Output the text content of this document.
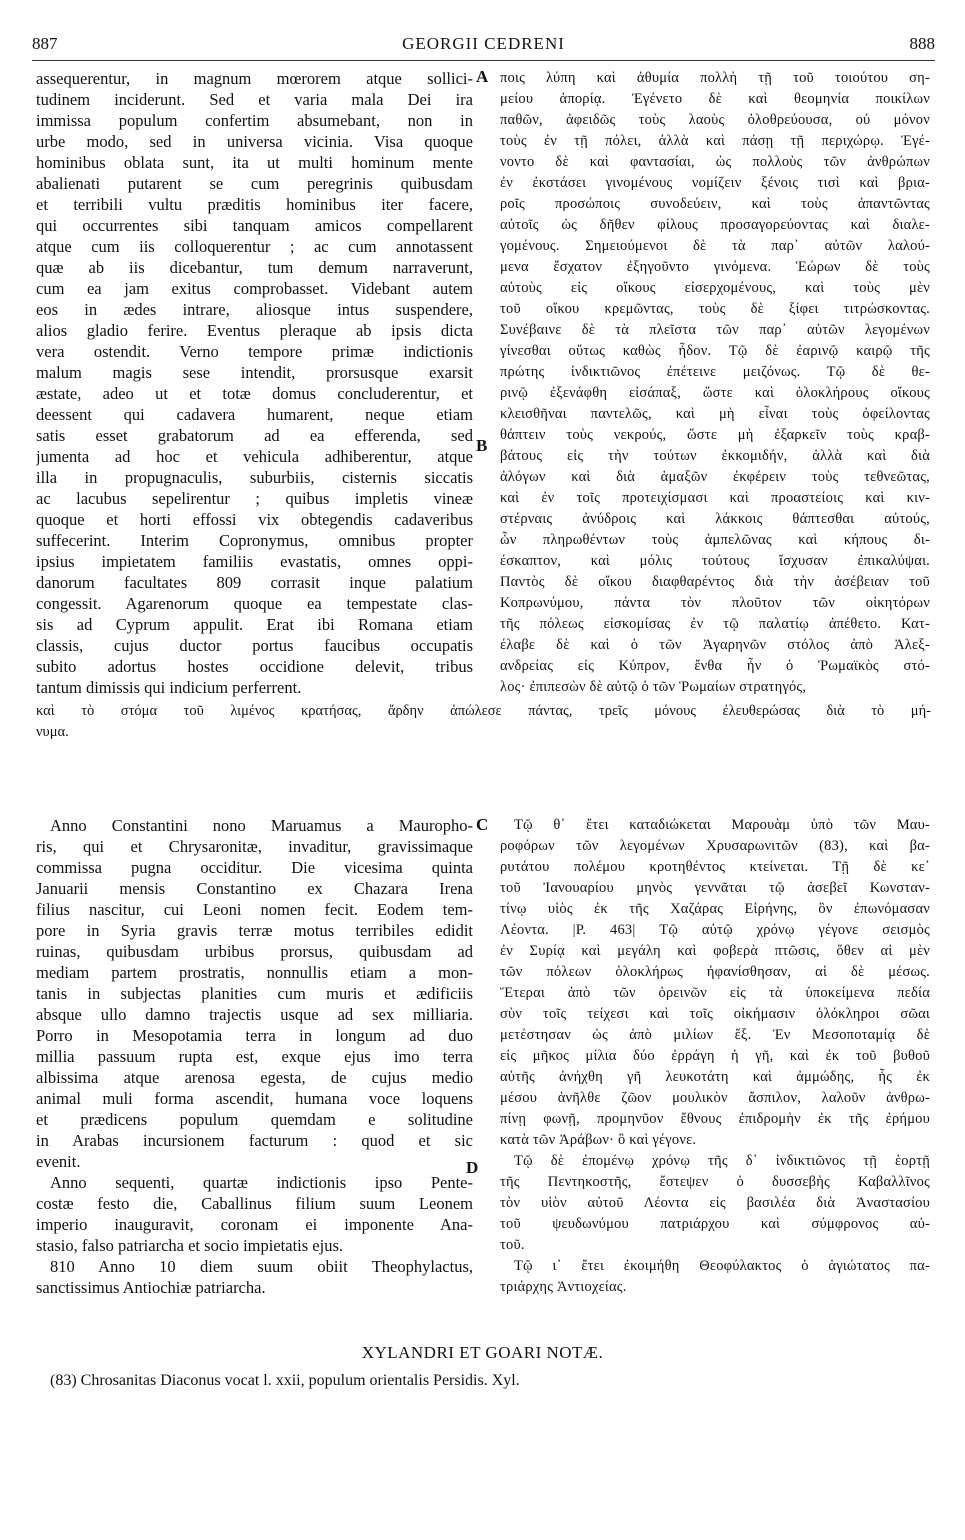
887	GEORGII CEDRENI	888
A
B
C
D
assequerentur, in magnum mœrorem atque sollici-
tudinem inciderunt. Sed et varia mala Dei ira
immissa populum confertim absumebant, non in
urbe modo, sed in universa vicinia. Visa quoque
hominibus oblata sunt, ita ut multi hominum mente
abalienati putarent se cum peregrinis quibusdam
et terribili vultu præditis hominibus iter facere,
qui occurrentes sibi tanquam amicos compellarent
atque cum iis colloquerentur ; ac cum annotassent
quæ ab iis dicebantur, tum demum narraverunt,
cum ea jam exitus comprobasset. Videbant autem
eos in ædes intrare, aliosque intus suspendere,
alios gladio ferire. Eventus pleraque ab ipsis dicta
vera ostendit. Verno tempore primæ indictionis
malum magis sese intendit, prorsusque exarsit
æstate, adeo ut et totæ domus concluderentur, et
deessent qui cadavera humarent, neque etiam
satis esset grabatorum ad ea efferenda, sed
jumenta ad hoc et vehicula adhiberentur, atque
illa in propugnaculis, suburbiis, cisternis siccatis
ac lacubus sepelirentur ; quibus impletis vineæ
quoque et horti effossi vix obtegendis cadaveribus
suffecerint. Interim Copronymus, omnibus propter
ipsius impietatem familiis evastatis, omnes oppi-
danorum facultates 809 corrasit inque palatium
congessit. Agarenorum quoque ea tempestate clas-
sis ad Cyprum appulit. Erat ibi Romana etiam
classis, cujus ductor portus faucibus occupatis
subito adortus hostes occidione delevit, tribus
tantum dimissis qui indicium perferrent.
ποις λύπη καὶ ἀθυμία πολλὴ τῇ τοῦ τοιούτου ση-
μείου ἀπορίᾳ. Ἐγένετο δὲ καὶ θεομηνία ποικίλων
παθῶν, ἀφειδῶς τοὺς λαοὺς ὀλοθρεύουσα, οὐ μόνον
τοὺς ἐν τῇ πόλει, ἀλλὰ καὶ πάσῃ τῇ περιχώρῳ. Ἐγέ-
νοντο δὲ καὶ φαντασίαι, ὡς πολλοὺς τῶν ἀνθρώπων
ἐν ἐκστάσει γινομένους νομίζειν ξένοις τισὶ καὶ βρια-
ροῖς προσώποις συνοδεύειν, καὶ τοὺς ἀπαντῶντας
αὐτοῖς ὡς δῆθεν φίλους προσαγορεύοντας καὶ διαλε-
γομένους. Σημειούμενοι δὲ τὰ παρ᾽ αὐτῶν λαλού-
μενα ἔσχατον ἐξηγοῦντο γινόμενα. Ἑώρων δὲ τοὺς
αὐτοὺς εἰς οἴκους εἰσερχομένους, καὶ τοὺς μὲν
τοῦ οἴκου κρεμῶντας, τοὺς δὲ ξίφει τιτρώσκοντας.
Συνέβαινε δὲ τὰ πλεῖστα τῶν παρ᾽ αὐτῶν λεγομένων
γίνεσθαι οὕτως καθὼς ἦδον. Τῷ δὲ ἐαρινῷ καιρῷ τῆς
πρώτης ἰνδικτιῶνος ἐπέτεινε μειζόνως. Τῷ δὲ θε-
ρινῷ ἐξενάφθη εἰσάπαξ, ὥστε καὶ ὁλοκλήρους οἴκους
κλεισθῆναι παντελῶς, καὶ μὴ εἶναι τοὺς ὀφείλοντας
θάπτειν τοὺς νεκρούς, ὥστε μὴ ἐξαρκεῖν τοὺς κραβ-
βάτους εἰς τὴν τούτων ἐκκομιδήν, ἀλλὰ καὶ διὰ
ἀλόγων καὶ διὰ ἁμαξῶν ἐκφέρειν τοὺς τεθνεῶτας,
καὶ ἐν τοῖς προτειχίσμασι καὶ προαστείοις καὶ κιν-
στέρναις ἀνύδροις καὶ λάκκοις θάπτεσθαι αὐτούς,
ὧν πληρωθέντων τοὺς ἀμπελῶνας καὶ κήπους δι-
έσκαπτον, καὶ μόλις τούτους ἴσχυσαν ἐπικαλύψαι.
Παντὸς δὲ οἴκου διαφθαρέντος διὰ τὴν ἀσέβειαν τοῦ
Κοπρωνύμου, πάντα τὸν πλοῦτον τῶν οἰκητόρων
τῆς πόλεως εἰσκομίσας ἐν τῷ παλατίῳ ἀπέθετο. Κατ-
έλαβε δὲ καὶ ὁ τῶν Ἀγαρηνῶν στόλος ἀπὸ Ἀλεξ-
ανδρείας εἰς Κύπρον, ἔνθα ἦν ὁ Ῥωμαϊκὸς στό-
λος· ἐπιπεσὼν δὲ αὐτῷ ὁ τῶν Ῥωμαίων στρατηγός,
καὶ τὸ στόμα τοῦ λιμένος κρατήσας, ἄρδην ἀπώλεσε πάντας, τρεῖς μόνους ἐλευθερώσας διὰ τὸ μή-
νυμα.
Anno Constantini nono Maruamus a Mauropho-
ris, qui et Chrysaronitæ, invaditur, gravissimaque
commissa pugna occiditur. Die vicesima quinta
Januarii mensis Constantino ex Chazara Irena
filius nascitur, cui Leoni nomen fecit. Eodem tem-
pore in Syria gravis terræ motus terribiles edidit
ruinas, quibusdam urbibus prorsus, quibusdam ad
mediam partem prostratis, nonnullis etiam a mon-
tanis in subjectas planities cum muris et ædificiis
absque ullo damno trajectis usque ad sex milliaria.
Porro in Mesopotamia terra in longum ad duo
millia passuum rupta est, exque ejus imo terra
albissima atque arenosa egesta, de cujus medio
animal muli forma ascendit, humana voce loquens
et prædicens populum quemdam e solitudine
in Arabas incursionem facturum : quod et sic
evenit.
Anno sequenti, quartæ indictionis ipso Pente-
costæ festo die, Caballinus filium suum Leonem
imperio inauguravit, coronam ei imponente Ana-
stasio, falso patriarcha et socio impietatis ejus.
810 Anno 10 diem suum obiit Theophylactus,
sanctissimus Antiochiæ patriarcha.
Τῷ θ᾽ ἔτει καταδιώκεται Μαρουὰμ ὑπὸ τῶν Μαυ-
ροφόρων τῶν λεγομένων Χρυσαρωνιτῶν (83), καὶ βα-
ρυτάτου πολέμου κροτηθέντος κτείνεται. Τῇ δὲ κε᾽
τοῦ Ἰανουαρίου μηνὸς γεννᾶται τῷ ἀσεβεῖ Κωνσταν-
τίνῳ υἱὸς ἐκ τῆς Χαζάρας Εἰρήνης, ὃν ἐπωνόμασαν
Λέοντα. |P. 463| Τῷ αὐτῷ χρόνῳ γέγονε σεισμὸς
ἐν Συρίᾳ καὶ μεγάλη καὶ φοβερὰ πτῶσις, ὅθεν αἱ μὲν
τῶν πόλεων ὁλοκλήρως ἠφανίσθησαν, αἱ δὲ μέσως.
Ἕτεραι ἀπὸ τῶν ὀρεινῶν εἰς τὰ ὑποκείμενα πεδία
σὺν τοῖς τείχεσι καὶ τοῖς οἰκήμασιν ὁλόκληροι σῶαι
μετέστησαν ὡς ἀπὸ μιλίων ἕξ. Ἐν Μεσοποταμίᾳ δὲ
εἰς μῆκος μίλια δύο ἐρράγη ἡ γῆ, καὶ ἐκ τοῦ βυθοῦ
αὐτῆς ἀνήχθη γῆ λευκοτάτη καὶ ἀμμώδης, ἧς ἐκ
μέσου ἀνῆλθε ζῶον μουλικὸν ἄσπιλον, λαλοῦν ἀνθρω-
πίνῃ φωνῇ, προμηνῦον ἔθνους ἐπιδρομὴν ἐκ τῆς ἐρήμου
κατὰ τῶν Ἀράβων· ὃ καὶ γέγονε.
Τῷ δὲ ἐπομένῳ χρόνῳ τῆς δ᾽ ἰνδικτιῶνος τῇ ἑορτῇ
τῆς Πεντηκοστῆς, ἔστεψεν ὁ δυσσεβὴς Καβαλλῖνος
τὸν υἱὸν αὐτοῦ Λέοντα εἰς βασιλέα διὰ Ἀναστασίου
τοῦ ψευδωνύμου πατριάρχου καὶ σύμφρονος αὐ-
τοῦ.
Τῷ ι᾽ ἔτει ἐκοιμήθη Θεοφύλακτος ὁ ἁγιώτατος πα-
τριάρχης Ἀντιοχείας.
XYLANDRI ET GOARI NOTÆ.
(83) Chrosanitas Diaconus vocat l. xxii, populum orientalis Persidis. Xyl.
